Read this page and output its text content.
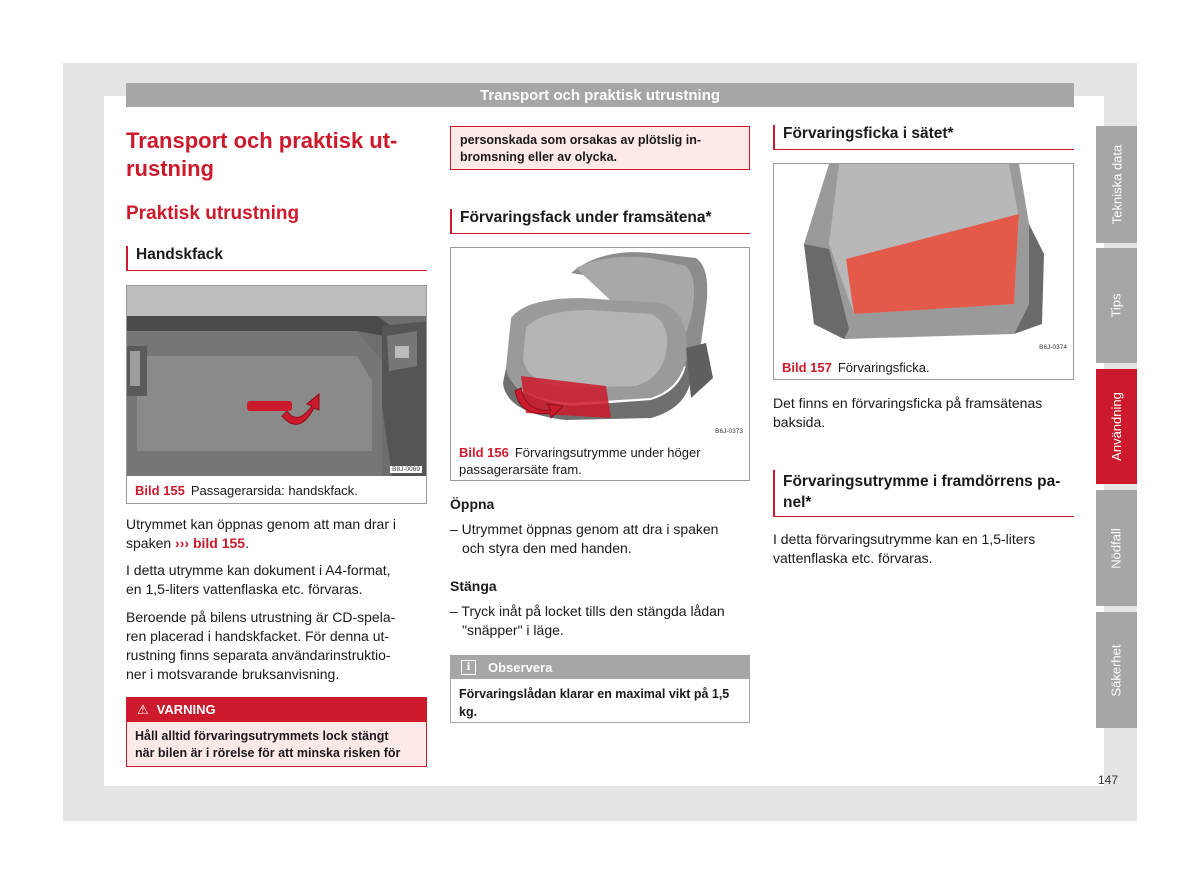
Transport och praktisk utrustning
Tekniska data
Tips
Användning
Nödfall
Säkerhet
147
Transport och praktisk ut-
rustning
Praktisk utrustning
Handskfack
B8J-0069
Bild 155 Passagerarsida: handskfack.
Utrymmet kan öppnas genom att man drar i
spaken ››› bild 155.
I detta utrymme kan dokument i A4-format,
en 1,5-liters vattenflaska etc. förvaras.
Beroende på bilens utrustning är CD-spela-
ren placerad i handskfacket. För denna ut-
rustning finns separata användarinstruktio-
ner i motsvarande bruksanvisning.
⚠ VARNING
Håll alltid förvaringsutrymmets lock stängt
när bilen är i rörelse för att minska risken för
personskada som orsakas av plötslig in-
bromsning eller av olycka.
Förvaringsfack under framsätena*
B6J-0373
Bild 156 Förvaringsutrymme under höger
passagerarsäte fram.
Öppna
– Utrymmet öppnas genom att dra i spaken
och styra den med handen.
Stänga
– Tryck inåt på locket tills den stängda lådan
"snäpper" i läge.
i	Observera
Förvaringslådan klarar en maximal vikt på 1,5
kg.
Förvaringsficka i sätet*
B6J-0374
Bild 157 Förvaringsficka.
Det finns en förvaringsficka på framsätenas
baksida.
Förvaringsutrymme i framdörrens pa-
nel*
I detta förvaringsutrymme kan en 1,5-liters
vattenflaska etc. förvaras.
